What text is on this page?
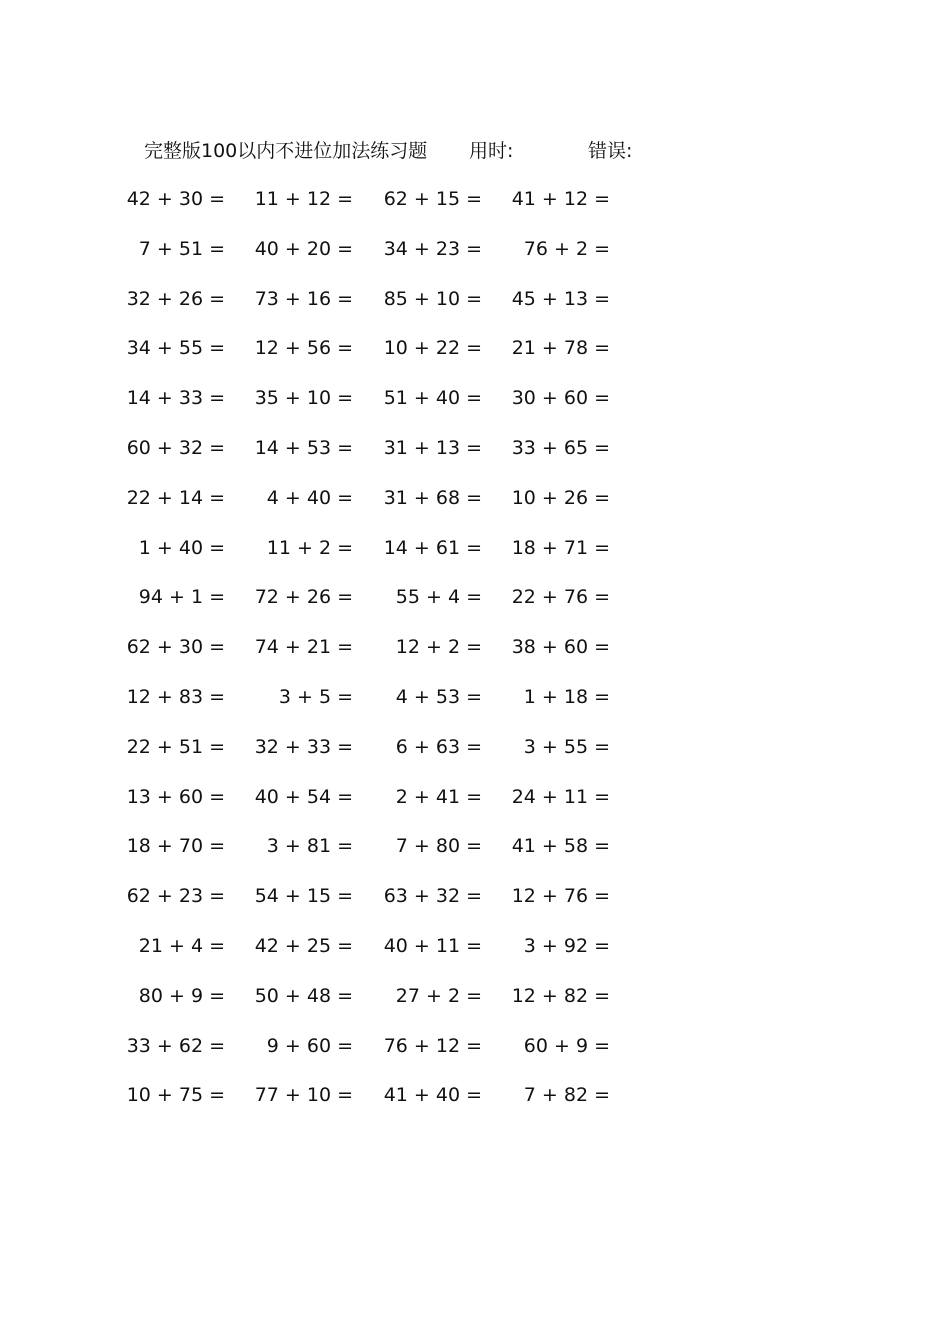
完整版100以内不进位加法练习题 用时:	错误:
42 + 30 = 11 + 12 = 62 + 15 = 41 + 12 =
7 + 51 = 40 + 20 = 34 + 23 = 76 + 2 =
32 + 26 = 73 + 16 = 85 + 10 = 45 + 13 =
34 + 55 = 12 + 56 = 10 + 22 = 21 + 78 =
14 + 33 = 35 + 10 = 51 + 40 = 30 + 60 =
60 + 32 = 14 + 53 = 31 + 13 = 33 + 65 =
22 + 14 = 4 + 40 = 31 + 68 = 10 + 26 =
1 + 40 = 11 + 2 = 14 + 61 = 18 + 71 =
94 + 1 = 72 + 26 = 55 + 4 = 22 + 76 =
62 + 30 = 74 + 21 = 12 + 2 = 38 + 60 =
12 + 83 =	3 + 5 = 4 + 53 = 1 + 18 =
22 + 51 = 32 + 33 = 6 + 63 = 3 + 55 =
13 + 60 = 40 + 54 = 2 + 41 = 24 + 11 =
18 + 70 = 3 + 81 = 7 + 80 = 41 + 58 =
62 + 23 = 54 + 15 = 63 + 32 = 12 + 76 =
21 + 4 = 42 + 25 = 40 + 11 = 3 + 92 =
80 + 9 = 50 + 48 = 27 + 2 = 12 + 82 =
33 + 62 = 9 + 60 = 76 + 12 = 60 + 9 =
10 + 75 = 77 + 10 = 41 + 40 = 7 + 82 =
